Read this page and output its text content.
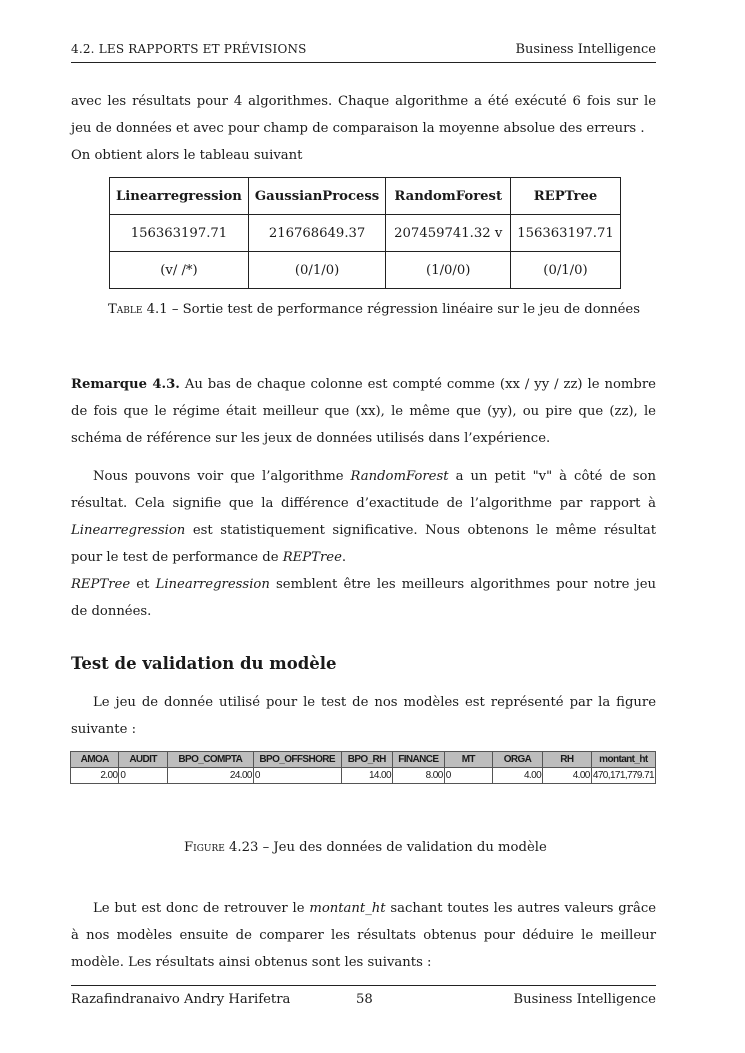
4.2. LES RAPPORTS ET PRÉVISIONS	Business Intelligence
avec les résultats pour 4 algorithmes. Chaque algorithme a été exécuté 6 fois sur le jeu de données et avec pour champ de comparaison la moyenne absolue des erreurs .
On obtient alors le tableau suivant
Linearregression	GaussianProcess	RandomForest	REPTree
156363197.71	216768649.37	207459741.32 v	156363197.71
(v/ /*)	(0/1/0)	(1/0/0)	(0/1/0)
Table 4.1 – Sortie test de performance régression linéaire sur le jeu de données
Remarque 4.3. Au bas de chaque colonne est compté comme (xx / yy / zz) le nombre de fois que le régime était meilleur que (xx), le même que (yy), ou pire que (zz), le schéma de référence sur les jeux de données utilisés dans l’expérience.
Nous pouvons voir que l’algorithme RandomForest a un petit "v" à côté de son résultat. Cela signifie que la différence d’exactitude de l’algorithme par rapport à Linearregression est statistiquement significative. Nous obtenons le même résultat pour le test de performance de REPTree.
REPTree et Linearregression semblent être les meilleurs algorithmes pour notre jeu de données.
Test de validation du modèle
Le jeu de donnée utilisé pour le test de nos modèles est représenté par la figure suivante :
AMOA	AUDIT	BPO_COMPTA	BPO_OFFSHORE	BPO_RH	FINANCE	MT	ORGA	RH	montant_ht
2.00	0	24.00	0	14.00	8.00	0	4.00	4.00	470,171,779.71
Figure 4.23 – Jeu des données de validation du modèle
Le but est donc de retrouver le montant_ht sachant toutes les autres valeurs grâce à nos modèles ensuite de comparer les résultats obtenus pour déduire le meilleur modèle. Les résultats ainsi obtenus sont les suivants :
Razafindranaivo Andry Harifetra	58	Business Intelligence
